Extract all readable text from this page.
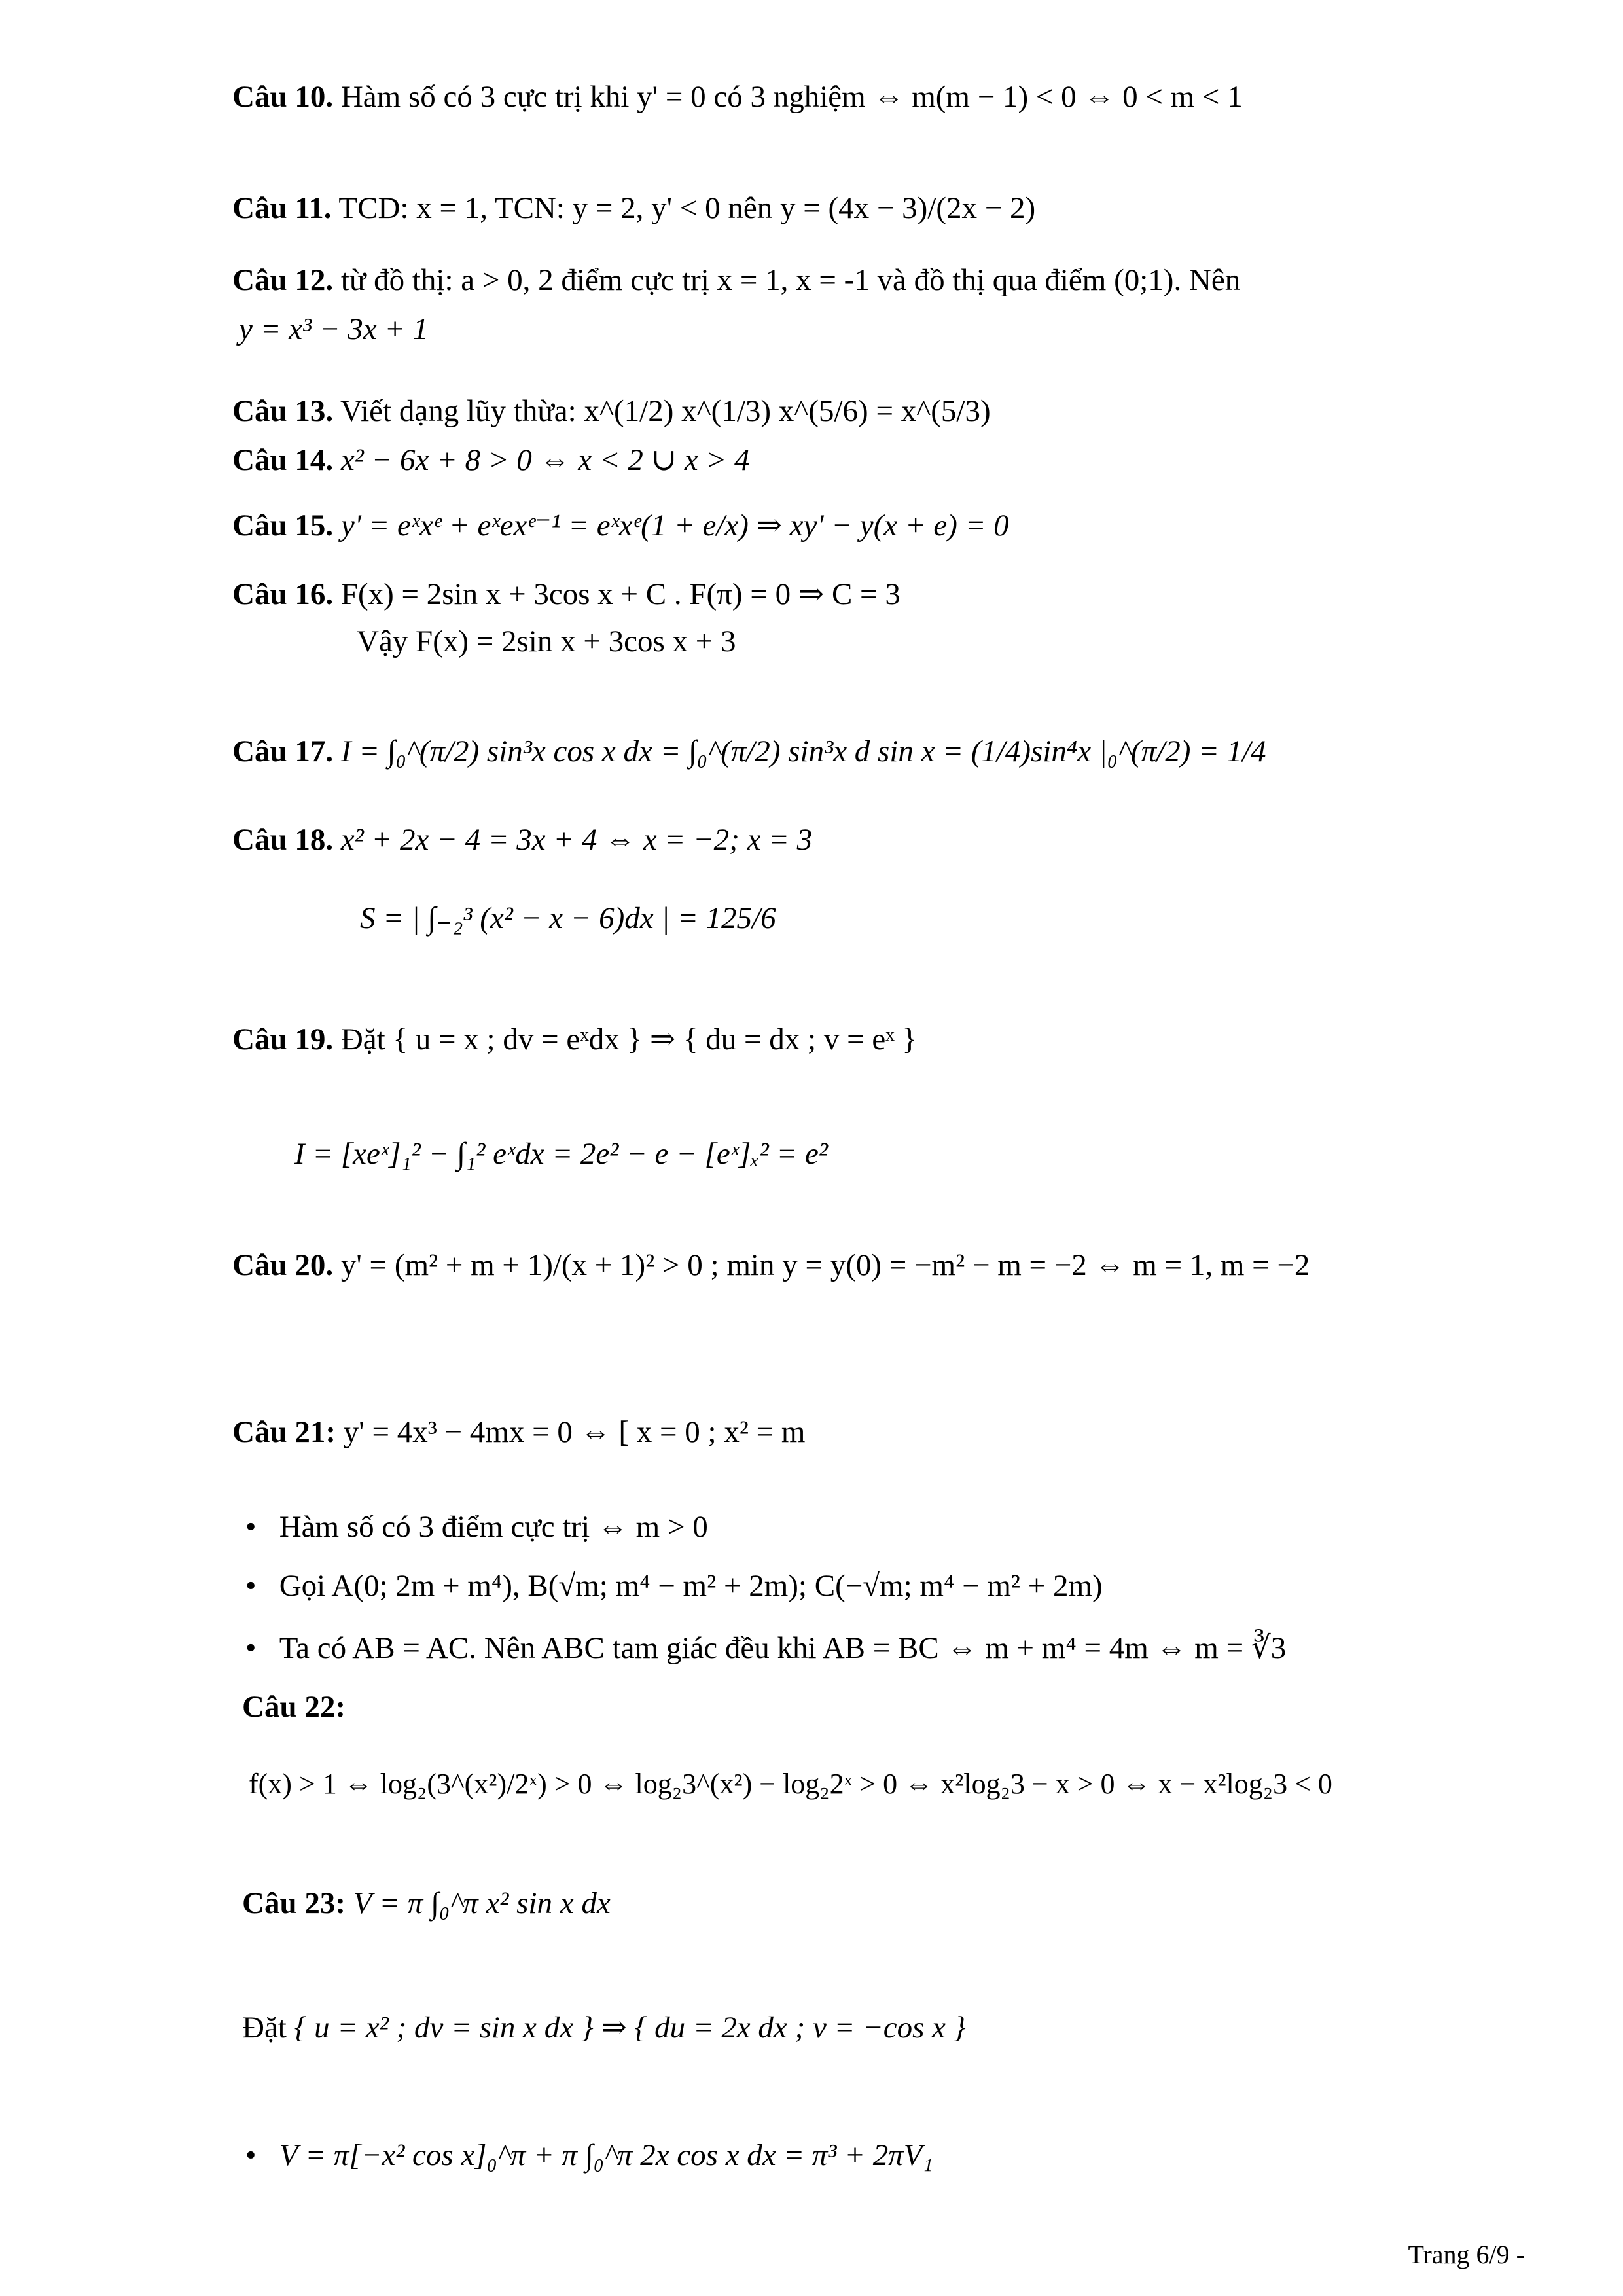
Câu 10. Hàm số có 3 cực trị khi y' = 0 có 3 nghiệm ⇔ m(m − 1) < 0 ⇔ 0 < m < 1
Câu 11. TCD: x = 1, TCN: y = 2, y' < 0 nên y = (4x − 3)/(2x − 2)
Câu 12. từ đồ thị: a > 0, 2 điểm cực trị x = 1, x = -1 và đồ thị qua điểm (0;1). Nên
y = x³ − 3x + 1
Câu 13. Viết dạng lũy thừa: x^(1/2) x^(1/3) x^(5/6) = x^(5/3)
Câu 14. x² − 6x + 8 > 0 ⇔ x < 2 ∪ x > 4
Câu 15. y' = eˣxᵉ + eˣexᵉ⁻¹ = eˣxᵉ(1 + e/x) ⇒ xy' − y(x + e) = 0
Câu 16. F(x) = 2sin x + 3cos x + C . F(π) = 0 ⇒ C = 3
Vậy F(x) = 2sin x + 3cos x + 3
Câu 17. I = ∫₀^(π/2) sin³x cos x dx = ∫₀^(π/2) sin³x d sin x = (1/4)sin⁴x |₀^(π/2) = 1/4
Câu 18. x² + 2x − 4 = 3x + 4 ⇔ x = −2; x = 3
S = | ∫₋₂³ (x² − x − 6)dx | = 125/6
Câu 19. Đặt { u = x ; dv = eˣdx } ⇒ { du = dx ; v = eˣ }
I = [xeˣ]₁² − ∫₁² eˣdx = 2e² − e − [eˣ]ₓ² = e²
Câu 20. y' = (m² + m + 1)/(x + 1)² > 0 ; min y = y(0) = −m² − m = −2 ⇔ m = 1, m = −2
Câu 21: y' = 4x³ − 4mx = 0 ⇔ [ x = 0 ; x² = m
• Hàm số có 3 điểm cực trị ⇔ m > 0
• Gọi A(0; 2m + m⁴), B(√m; m⁴ − m² + 2m); C(−√m; m⁴ − m² + 2m)
• Ta có AB = AC. Nên ABC tam giác đều khi AB = BC ⇔ m + m⁴ = 4m ⇔ m = ∛3
Câu 22:
f(x) > 1 ⇔ log₂(3^(x²)/2ˣ) > 0 ⇔ log₂3^(x²) − log₂2ˣ > 0 ⇔ x²log₂3 − x > 0 ⇔ x − x²log₂3 < 0
Câu 23: V = π ∫₀^π x² sin x dx
Đặt { u = x² ; dv = sin x dx } ⇒ { du = 2x dx ; v = −cos x }
• V = π[−x² cos x]₀^π + π ∫₀^π 2x cos x dx = π³ + 2πV₁
Trang 6/9 -
